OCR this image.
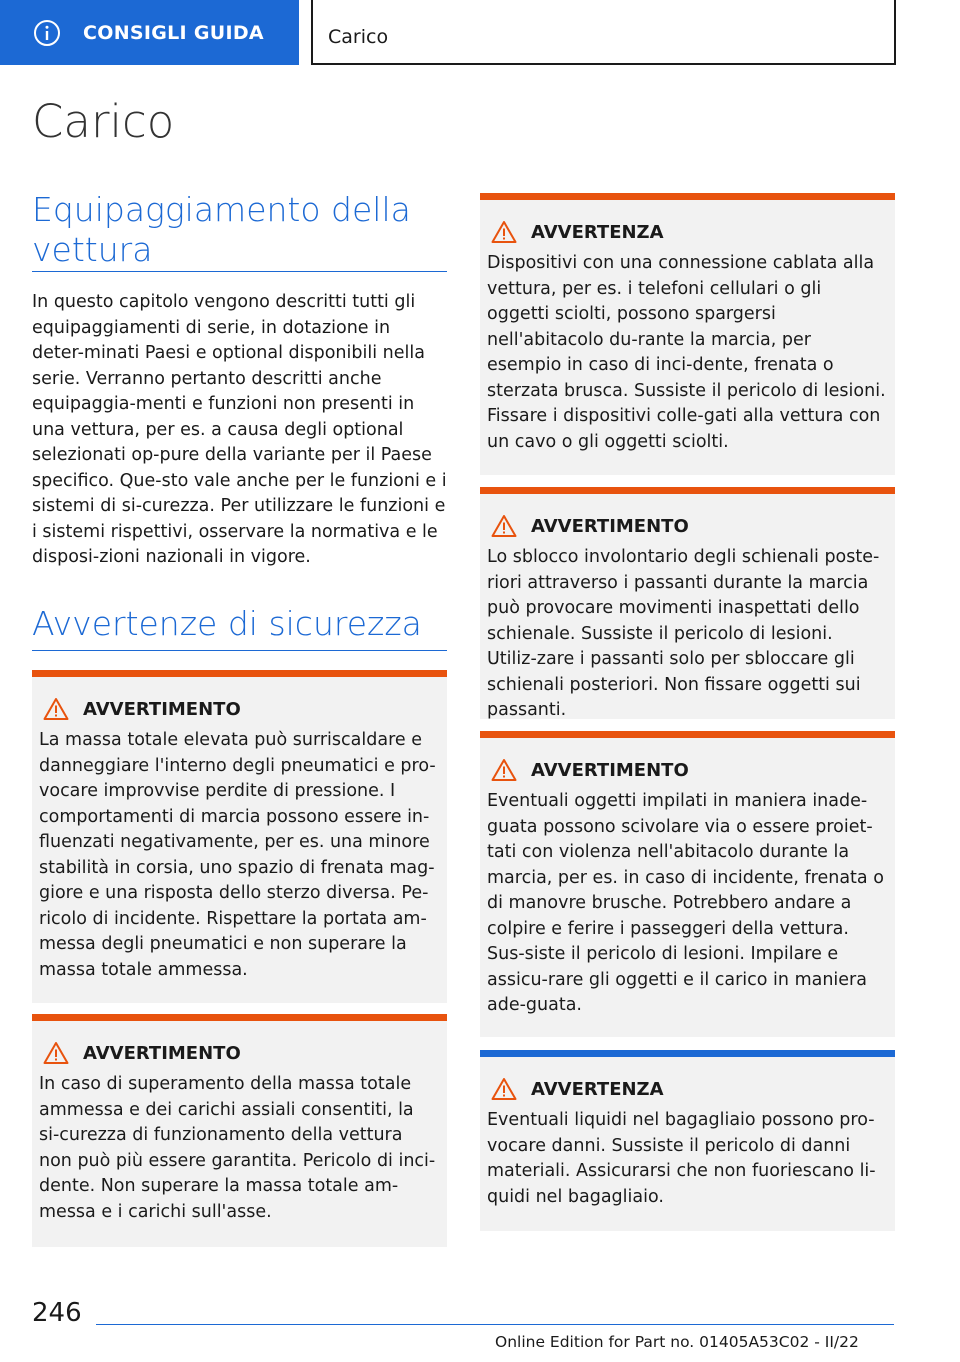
CONSIGLI GUIDA	Carico
Carico
Equipaggiamento della vettura

In questo capitolo vengono descritti tutti gli equipaggiamenti di serie, in dotazione in deter-minati Paesi e optional disponibili nella serie. Verranno pertanto descritti anche equipaggia-menti e funzioni non presenti in una vettura, per es. a causa degli optional selezionati op-pure della variante per il Paese specifico. Que-sto vale anche per le funzioni e i sistemi di si-curezza. Per utilizzare le funzioni e i sistemi rispettivi, osservare la normativa e le disposi-zioni nazionali in vigore.

Avvertenze di sicurezza
AVVERTIMENTO

La massa totale elevata può surriscaldare e danneggiare l'interno degli pneumatici e pro-vocare improvvise perdite di pressione. I comportamenti di marcia possono essere in-fluenzati negativamente, per es. una minore stabilità in corsia, uno spazio di frenata mag-giore e una risposta dello sterzo diversa. Pe-ricolo di incidente. Rispettare la portata am-messa degli pneumatici e non superare la massa totale ammessa.

AVVERTIMENTO

In caso di superamento della massa totale ammessa e dei carichi assiali consentiti, la si-curezza di funzionamento della vettura non può più essere garantita. Pericolo di inci-dente. Non superare la massa totale am-messa e i carichi sull'asse.

AVVERTENZA

Dispositivi con una connessione cablata alla vettura, per es. i telefoni cellulari o gli oggetti sciolti, possono spargersi nell'abitacolo du-rante la marcia, per esempio in caso di inci-dente, frenata o sterzata brusca. Sussiste il pericolo di lesioni. Fissare i dispositivi colle-gati alla vettura con un cavo o gli oggetti sciolti.

AVVERTIMENTO

Lo sblocco involontario degli schienali poste-riori attraverso i passanti durante la marcia può provocare movimenti inaspettati dello schienale. Sussiste il pericolo di lesioni. Utiliz-zare i passanti solo per sbloccare gli schienali posteriori. Non fissare oggetti sui passanti.

AVVERTIMENTO

Eventuali oggetti impilati in maniera inade-guata possono scivolare via o essere proiet-tati con violenza nell'abitacolo durante la marcia, per es. in caso di incidente, frenata o di manovre brusche. Potrebbero andare a colpire e ferire i passeggeri della vettura. Sus-siste il pericolo di lesioni. Impilare e assicu-rare gli oggetti e il carico in maniera ade-guata.

AVVERTENZA

Eventuali liquidi nel bagagliaio possono pro-vocare danni. Sussiste il pericolo di danni materiali. Assicurarsi che non fuoriescano li-quidi nel bagagliaio.

246
Online Edition for Part no. 01405A53C02 - II/22
